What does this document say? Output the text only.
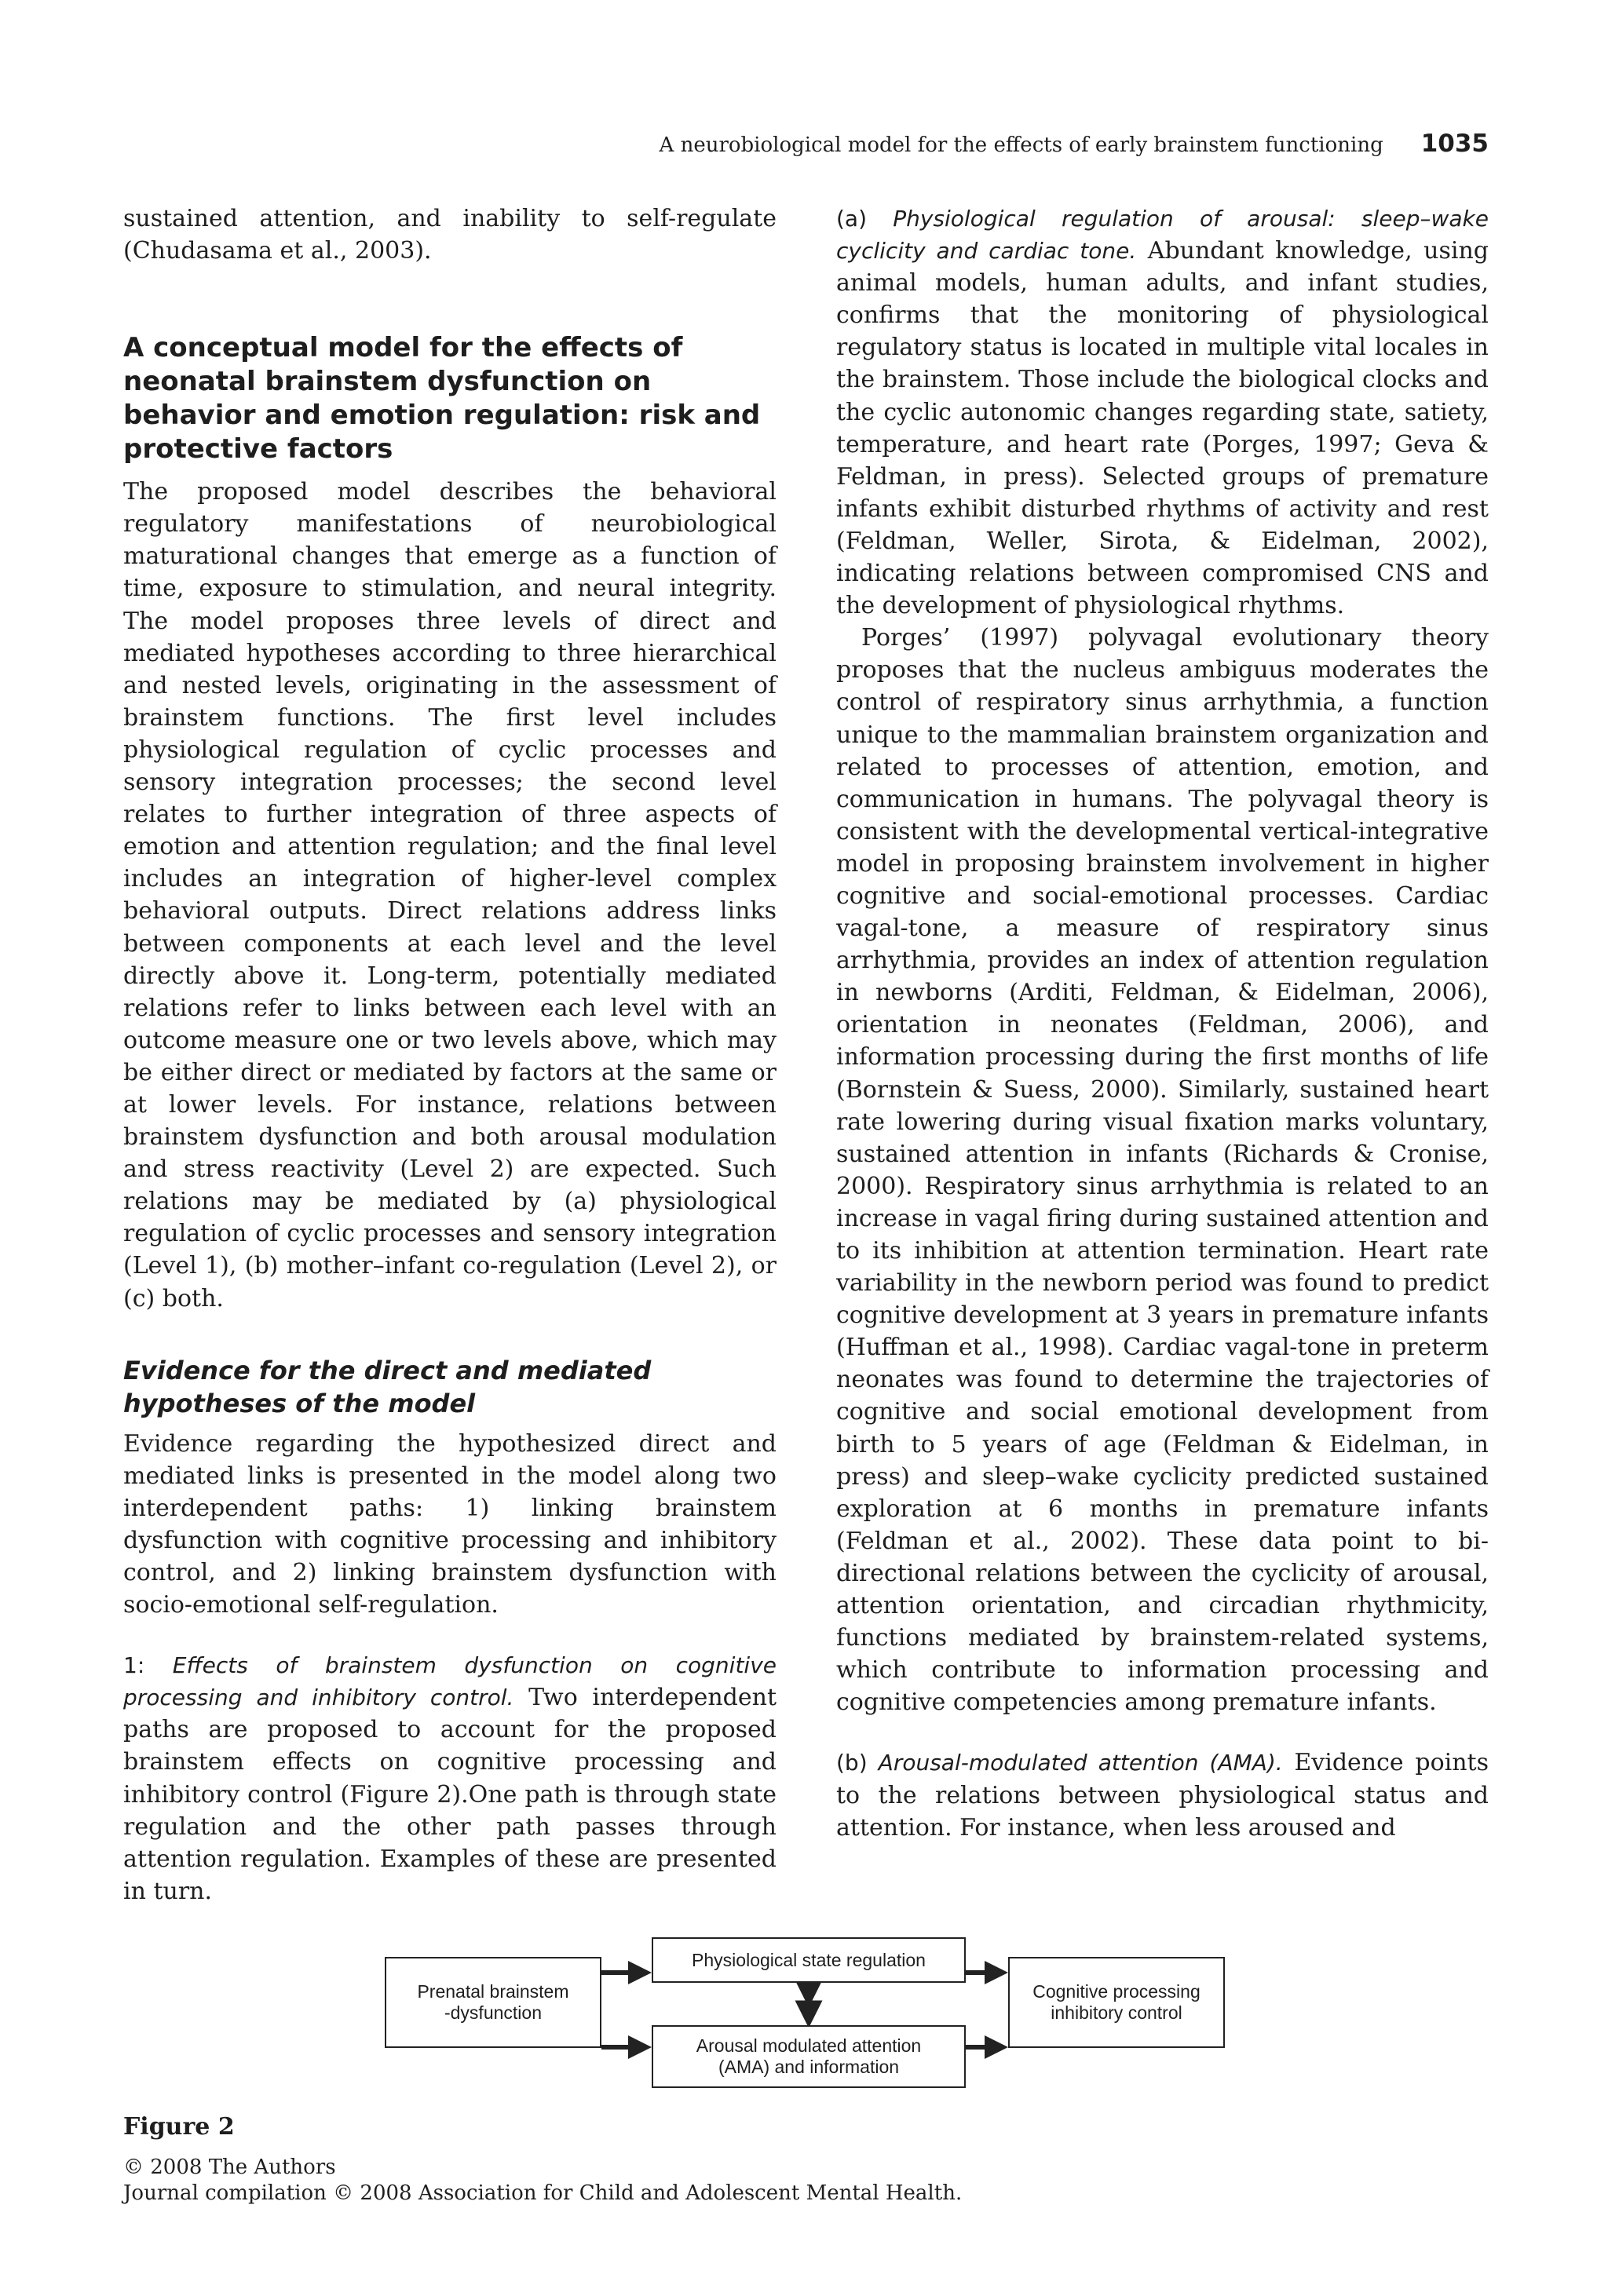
A neurobiological model for the effects of early brainstem functioning 1035

sustained attention, and inability to self-regulate (Chudasama et al., 2003).

A conceptual model for the effects of neonatal brainstem dysfunction on behavior and emotion regulation: risk and protective factors

The proposed model describes the behavioral regulatory manifestations of neurobiological maturational changes that emerge as a function of time, exposure to stimulation, and neural integrity. The model proposes three levels of direct and mediated hypotheses according to three hierarchical and nested levels, originating in the assessment of brainstem functions. The first level includes physiological regulation of cyclic processes and sensory integration processes; the second level relates to further integration of three aspects of emotion and attention regulation; and the final level includes an integration of higher-level complex behavioral outputs. Direct relations address links between components at each level and the level directly above it. Long-term, potentially mediated relations refer to links between each level with an outcome measure one or two levels above, which may be either direct or mediated by factors at the same or at lower levels. For instance, relations between brainstem dysfunction and both arousal modulation and stress reactivity (Level 2) are expected. Such relations may be mediated by (a) physiological regulation of cyclic processes and sensory integration (Level 1), (b) mother–infant co-regulation (Level 2), or (c) both.

Evidence for the direct and mediated hypotheses of the model

Evidence regarding the hypothesized direct and mediated links is presented in the model along two interdependent paths: 1) linking brainstem dysfunction with cognitive processing and inhibitory control, and 2) linking brainstem dysfunction with socio-emotional self-regulation.

1: Effects of brainstem dysfunction on cognitive processing and inhibitory control. Two interdependent paths are proposed to account for the proposed brainstem effects on cognitive processing and inhibitory control (Figure 2).One path is through state regulation and the other path passes through attention regulation. Examples of these are presented in turn.

(a) Physiological regulation of arousal: sleep–wake cyclicity and cardiac tone. Abundant knowledge, using animal models, human adults, and infant studies, confirms that the monitoring of physiological regulatory status is located in multiple vital locales in the brainstem. Those include the biological clocks and the cyclic autonomic changes regarding state, satiety, temperature, and heart rate (Porges, 1997; Geva & Feldman, in press). Selected groups of premature infants exhibit disturbed rhythms of activity and rest (Feldman, Weller, Sirota, & Eidelman, 2002), indicating relations between compromised CNS and the development of physiological rhythms.

Porges’ (1997) polyvagal evolutionary theory proposes that the nucleus ambiguus moderates the control of respiratory sinus arrhythmia, a function unique to the mammalian brainstem organization and related to processes of attention, emotion, and communication in humans. The polyvagal theory is consistent with the developmental vertical-integrative model in proposing brainstem involvement in higher cognitive and social-emotional processes. Cardiac vagal-tone, a measure of respiratory sinus arrhythmia, provides an index of attention regulation in newborns (Arditi, Feldman, & Eidelman, 2006), orientation in neonates (Feldman, 2006), and information processing during the first months of life (Bornstein & Suess, 2000). Similarly, sustained heart rate lowering during visual fixation marks voluntary, sustained attention in infants (Richards & Cronise, 2000). Respiratory sinus arrhythmia is related to an increase in vagal firing during sustained attention and to its inhibition at attention termination. Heart rate variability in the newborn period was found to predict cognitive development at 3 years in premature infants (Huffman et al., 1998). Cardiac vagal-tone in preterm neonates was found to determine the trajectories of cognitive and social emotional development from birth to 5 years of age (Feldman & Eidelman, in press) and sleep–wake cyclicity predicted sustained exploration at 6 months in premature infants (Feldman et al., 2002). These data point to bi-directional relations between the cyclicity of arousal, attention orientation, and circadian rhythmicity, functions mediated by brainstem-related systems, which contribute to information processing and cognitive competencies among premature infants.

(b) Arousal-modulated attention (AMA). Evidence points to the relations between physiological status and attention. For instance, when less aroused and

Prenatal brainstem
-dysfunction
Physiological state regulation
Arousal modulated attention
(AMA) and information
Cognitive processing
inhibitory control
Figure 2
© 2008 The Authors
Journal compilation © 2008 Association for Child and Adolescent Mental Health.
